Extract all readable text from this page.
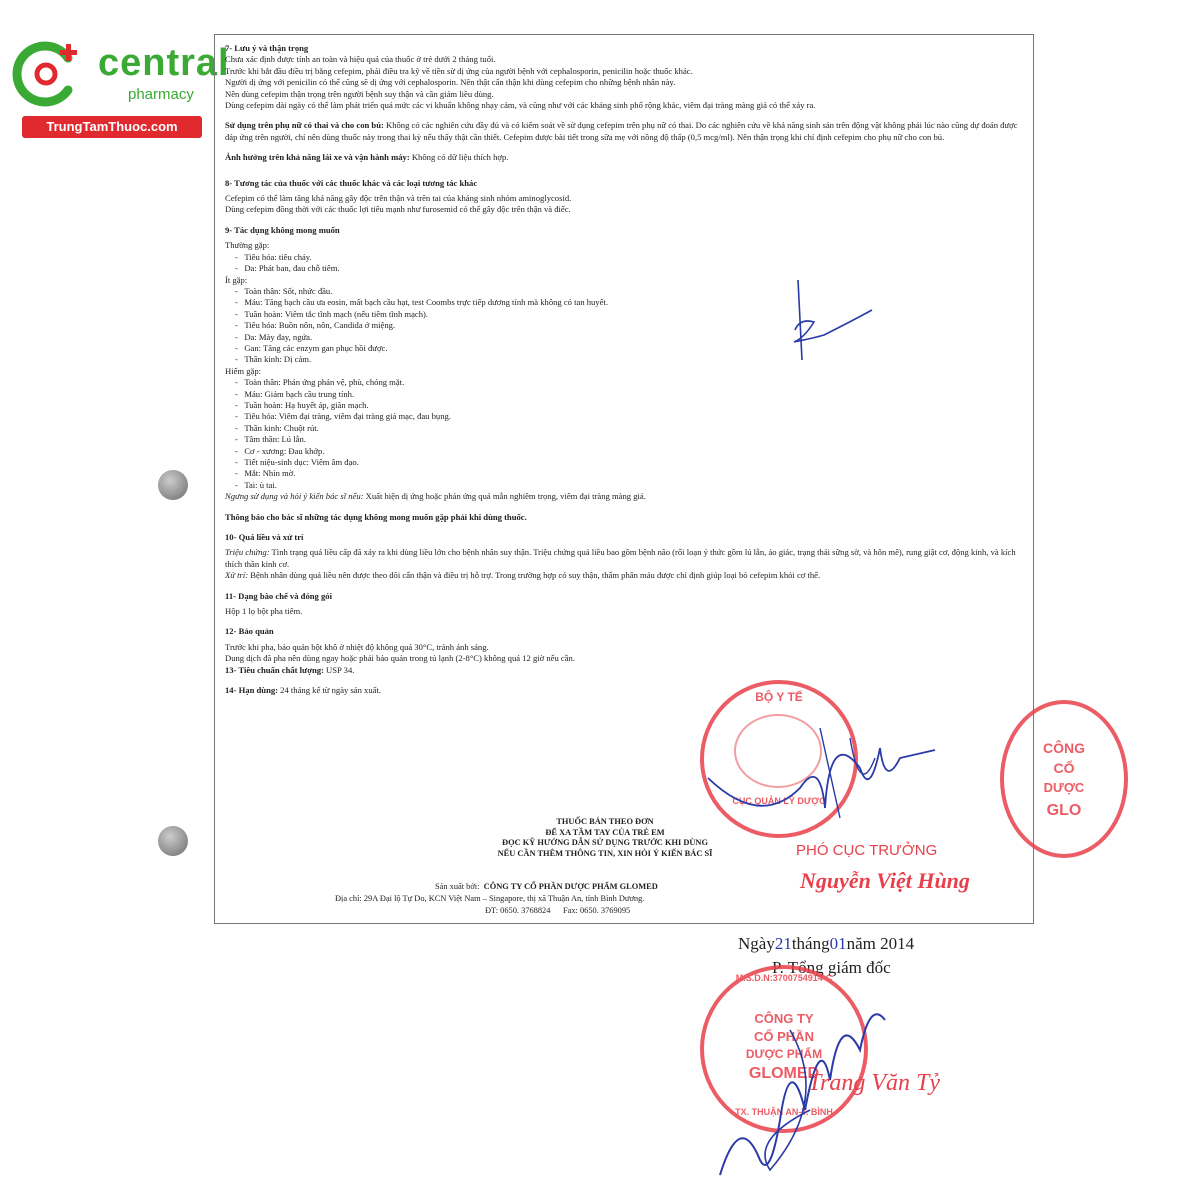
central
pharmacy
TrungTamThuoc.com

7- Lưu ý và thận trọng

Chưa xác định được tính an toàn và hiệu quả của thuốc ở trẻ dưới 2 tháng tuổi.

Trước khi bắt đầu điều trị bằng cefepim, phải điều tra kỹ về tiền sử dị ứng của người bệnh với cephalosporin, penicilin hoặc thuốc khác.

Người dị ứng với penicilin có thể cũng sẽ dị ứng với cephalosporin. Nên thật cẩn thận khi dùng cefepim cho những bệnh nhân này.

Nên dùng cefepim thận trọng trên người bệnh suy thận và cần giảm liều dùng.

Dùng cefepim dài ngày có thể làm phát triển quá mức các vi khuẩn không nhạy cảm, và cũng như với các kháng sinh phổ rộng khác, viêm đại tràng màng giả có thể xảy ra.

Sử dụng trên phụ nữ có thai và cho con bú: Không có các nghiên cứu đầy đủ và có kiểm soát về sử dụng cefepim trên phụ nữ có thai. Do các nghiên cứu về khả năng sinh sản trên động vật không phải lúc nào cũng dự đoán được đáp ứng trên người, chỉ nên dùng thuốc này trong thai kỳ nếu thấy thật cần thiết. Cefepim được bài tiết trong sữa mẹ với nồng độ thấp (0,5 mcg/ml). Nên thận trọng khi chỉ định cefepim cho phụ nữ cho con bú.

Ảnh hưởng trên khả năng lái xe và vận hành máy: Không có dữ liệu thích hợp.

8- Tương tác của thuốc với các thuốc khác và các loại tương tác khác

Cefepim có thể làm tăng khả năng gây độc trên thận và trên tai của kháng sinh nhóm aminoglycosid.

Dùng cefepim đồng thời với các thuốc lợi tiểu mạnh như furosemid có thể gây độc trên thận và điếc.

9- Tác dụng không mong muốn

Thường gặp:

-   Tiêu hóa: tiêu chảy.

-   Da: Phát ban, đau chỗ tiêm.

Ít gặp:

-   Toàn thân: Sốt, nhức đầu.

-   Máu: Tăng bạch cầu ưa eosin, mất bạch cầu hạt, test Coombs trực tiếp dương tính mà không có tan huyết.

-   Tuần hoàn: Viêm tắc tĩnh mạch (nếu tiêm tĩnh mạch).

-   Tiêu hóa: Buồn nôn, nôn, Candida ở miệng.

-   Da: Mày đay, ngứa.

-   Gan: Tăng các enzym gan phục hồi được.

-   Thần kinh: Dị cảm.

Hiếm gặp:

-   Toàn thân: Phản ứng phản vệ, phù, chóng mặt.

-   Máu: Giảm bạch cầu trung tính.

-   Tuần hoàn: Hạ huyết áp, giãn mạch.

-   Tiêu hóa: Viêm đại tràng, viêm đại tràng giả mạc, đau bụng.

-   Thần kinh: Chuột rút.

-   Tâm thần: Lú lẫn.

-   Cơ - xương: Đau khớp.

-   Tiết niệu-sinh dục: Viêm âm đạo.

-   Mắt: Nhìn mờ.

-   Tai: ù tai.

Ngưng sử dụng và hỏi ý kiến bác sĩ nếu: Xuất hiện dị ứng hoặc phản ứng quá mẫn nghiêm trọng, viêm đại tràng màng giả.

Thông báo cho bác sĩ những tác dụng không mong muốn gặp phải khi dùng thuốc.

10- Quá liều và xử trí

Triệu chứng: Tình trạng quá liều cấp đã xảy ra khi dùng liều lớn cho bệnh nhân suy thận. Triệu chứng quá liều bao gồm bệnh não (rối loạn ý thức gồm lú lẫn, ảo giác, trạng thái sững sờ, và hôn mê), rung giật cơ, động kinh, và kích thích thần kinh cơ.

Xử trí: Bệnh nhân dùng quá liều nên được theo dõi cẩn thận và điều trị hỗ trợ. Trong trường hợp có suy thận, thẩm phân máu được chỉ định giúp loại bỏ cefepim khỏi cơ thể.

11- Dạng bào chế và đóng gói

Hộp 1 lọ bột pha tiêm.

12- Bảo quản

Trước khi pha, bảo quản bột khô ở nhiệt độ không quá 30°C, tránh ánh sáng.

Dung dịch đã pha nên dùng ngay hoặc phải bảo quản trong tủ lạnh (2-8°C) không quá 12 giờ nếu cần.

13- Tiêu chuẩn chất lượng: USP 34.

14- Hạn dùng: 24 tháng kể từ ngày sản xuất.

THUỐC BÁN THEO ĐƠN
ĐỂ XA TẦM TAY CỦA TRẺ EM
ĐỌC KỸ HƯỚNG DẪN SỬ DỤNG TRƯỚC KHI DÙNG
NẾU CẦN THÊM THÔNG TIN, XIN HỎI Ý KIẾN BÁC SĨ
Sản xuất bởi: CÔNG TY CỔ PHẦN DƯỢC PHẨM GLOMED
Địa chỉ: 29A Đại lộ Tự Do, KCN Việt Nam – Singapore, thị xã Thuận An, tỉnh Bình Dương.
ĐT: 0650. 3768824 Fax: 0650. 3769095
BỘ Y TẾ
CỤC QUẢN LÝ DƯỢC
PHÓ CỤC TRƯỞNG
Nguyễn Việt Hùng
CÔNG
CỔ
DƯỢC
GLO
Ngày21tháng01năm 2014
P. Tổng giám đốc
M.S.D.N:3700754914-C
CÔNG TY
CỔ PHẦN
DƯỢC PHẨM
GLOMED
TX. THUẬN AN-T. BÌNH
Trang Văn Tỷ
